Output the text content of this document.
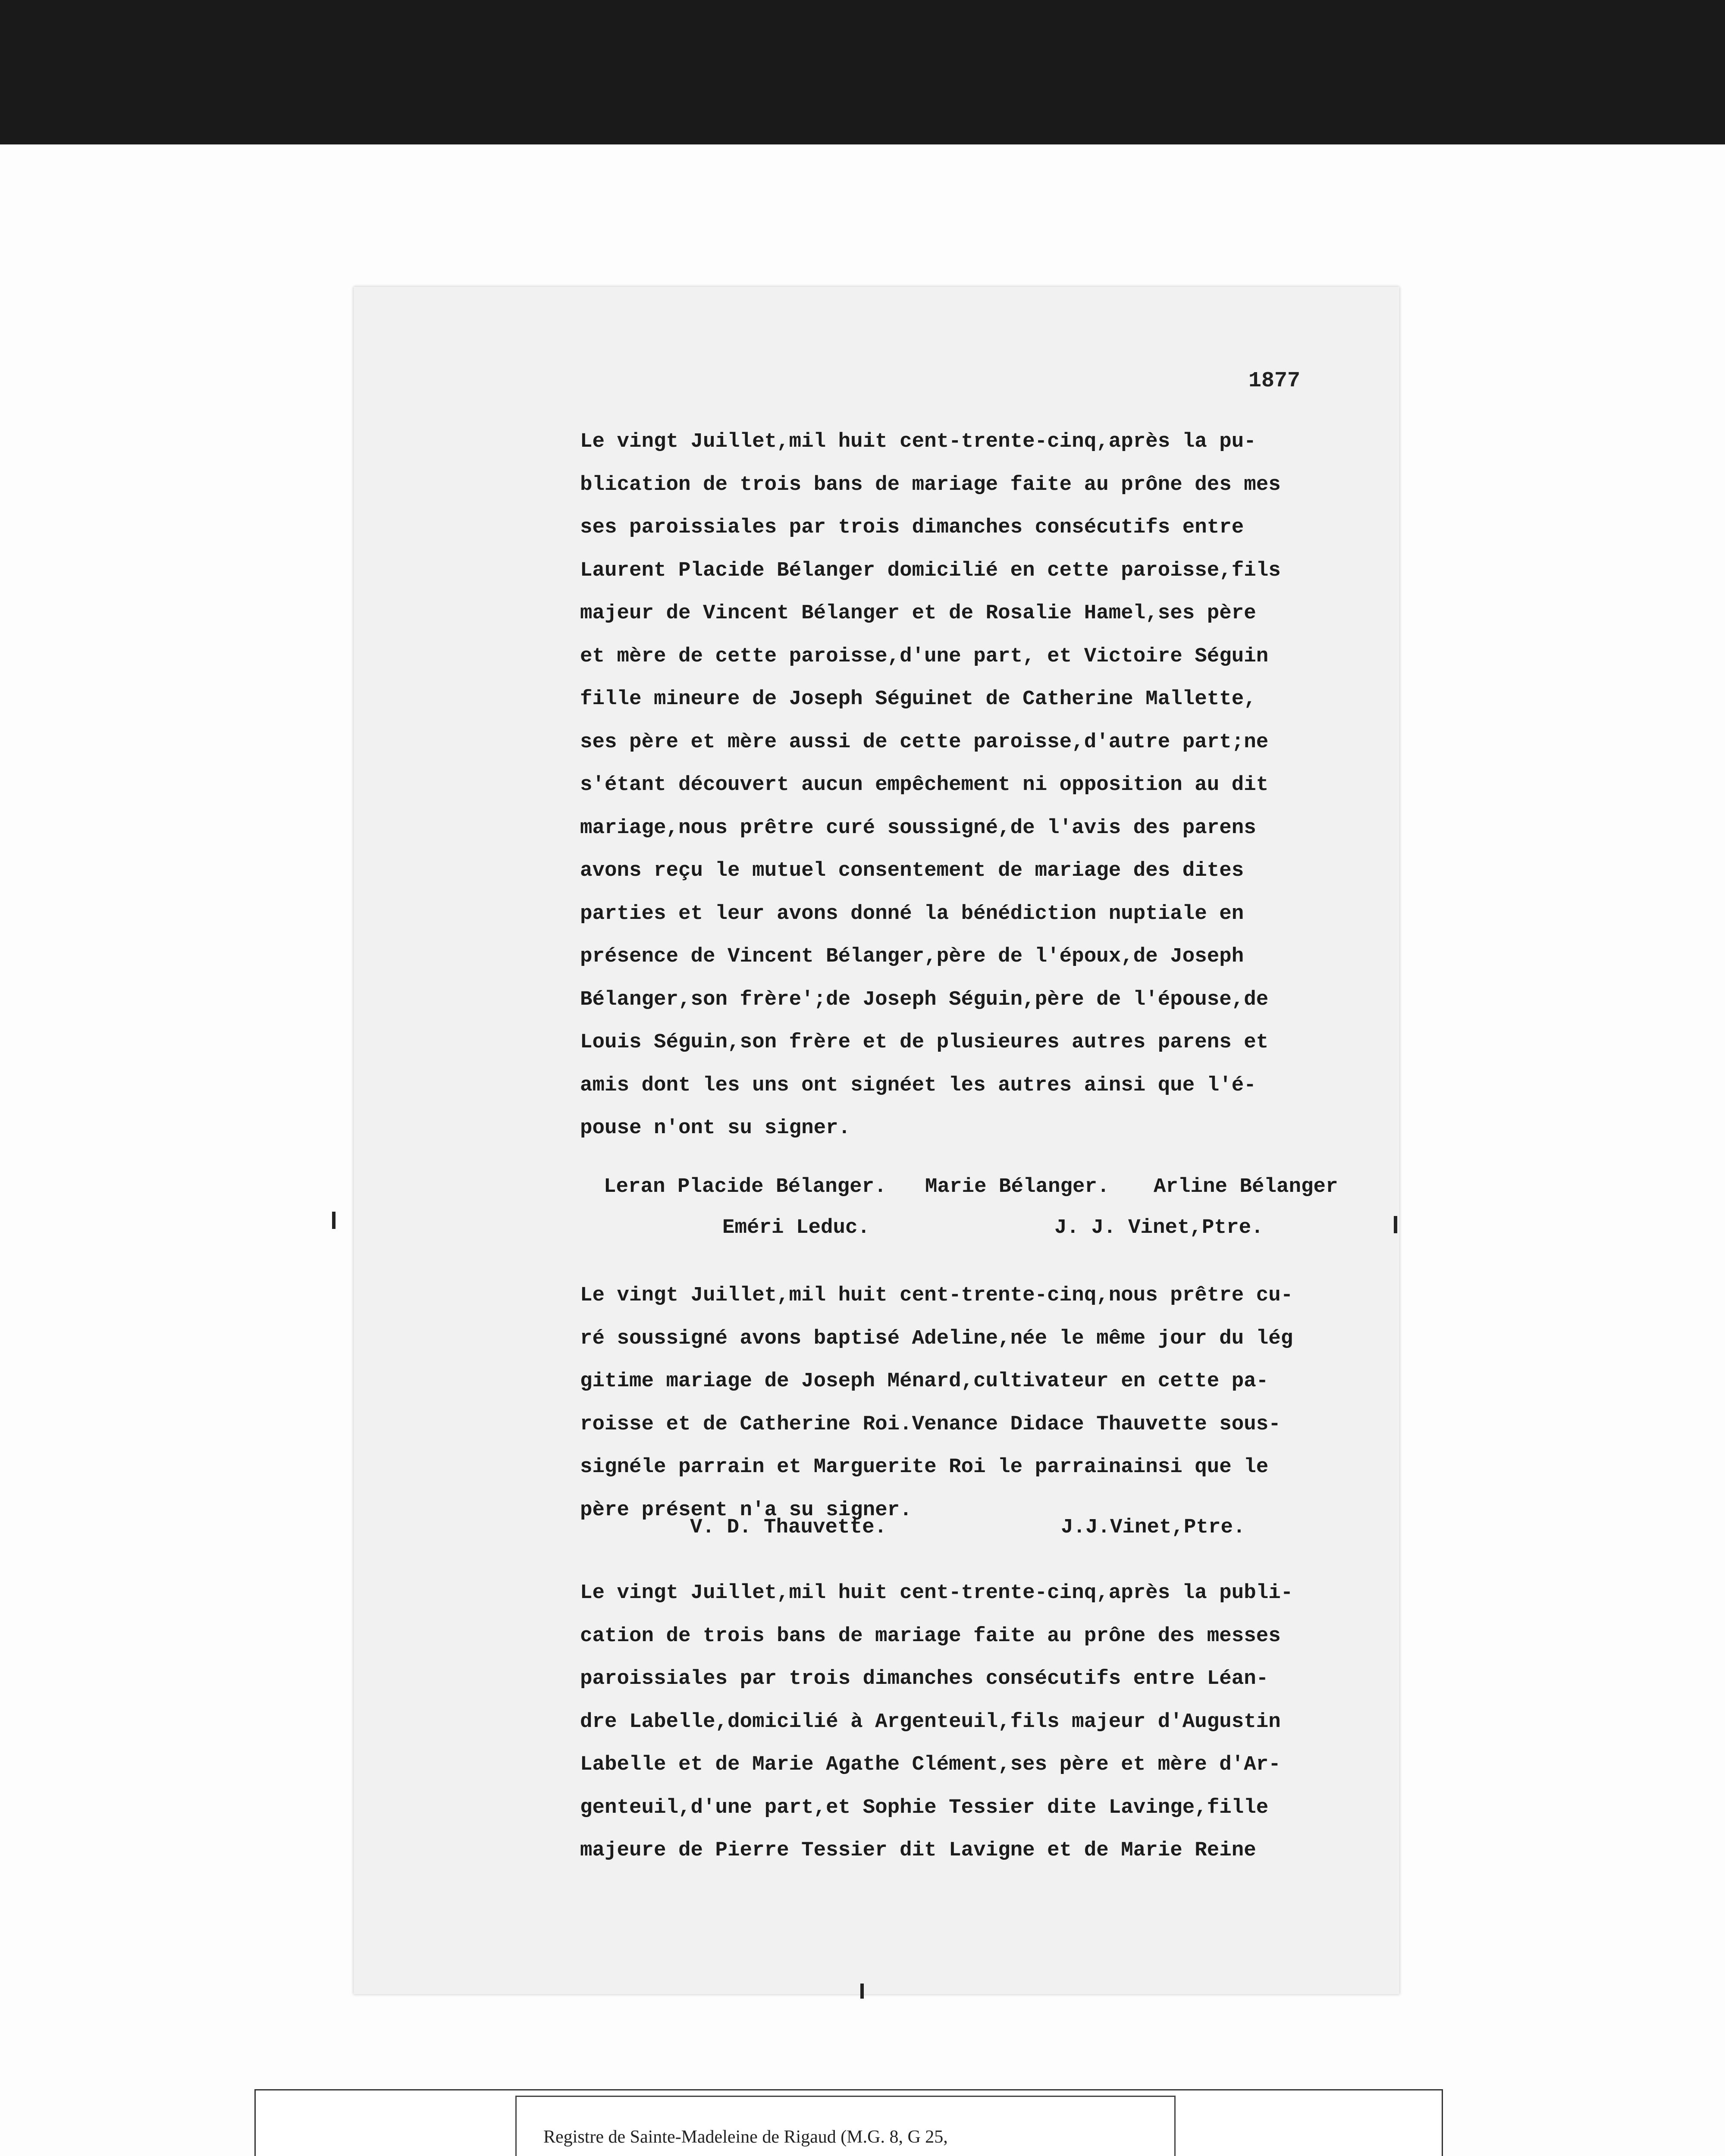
1877
Le vingt Juillet,mil huit cent-trente-cinq,après la pu-
blication de trois bans de mariage faite au prône des mes
ses paroissiales par trois dimanches consécutifs entre
Laurent Placide Bélanger domicilié en cette paroisse,fils
majeur de Vincent Bélanger et de Rosalie Hamel,ses père
et mère de cette paroisse,d'une part, et Victoire Séguin
fille mineure de Joseph Séguinet de Catherine Mallette,
ses père et mère aussi de cette paroisse,d'autre part;ne
s'étant découvert aucun empêchement ni opposition au dit
mariage,nous prêtre curé soussigné,de l'avis des parens
avons reçu le mutuel consentement de mariage des dites
parties et leur avons donné la bénédiction nuptiale en
présence de Vincent Bélanger,père de l'époux,de Joseph
Bélanger,son frère';de Joseph Séguin,père de l'épouse,de
Louis Séguin,son frère et de plusieures autres parens et
amis dont les uns ont signéet les autres ainsi que l'é-
pouse n'ont su signer.
Leran Placide Bélanger. Marie Bélanger. Arline Bélanger
Eméri Leduc.	J. J. Vinet,Ptre.
Le vingt Juillet,mil huit cent-trente-cinq,nous prêtre cu-
ré soussigné avons baptisé Adeline,née le même jour du lég
gitime mariage de Joseph Ménard,cultivateur en cette pa-
roisse et de Catherine Roi.Venance Didace Thauvette sous-
signéle parrain et Marguerite Roi le parrainainsi que le
père présent n'a su signer.
V. D. Thauvette.	J.J.Vinet,Ptre.
Le vingt Juillet,mil huit cent-trente-cinq,après la publi-
cation de trois bans de mariage faite au prône des messes
paroissiales par trois dimanches consécutifs entre Léan-
dre Labelle,domicilié à Argenteuil,fils majeur d'Augustin
Labelle et de Marie Agathe Clément,ses père et mère d'Ar-
genteuil,d'une part,et Sophie Tessier dite Lavinge,fille
majeure de Pierre Tessier dit Lavigne et de Marie Reine

Registre de Sainte-Madeleine de Rigaud (M.G. 8, G 25,
